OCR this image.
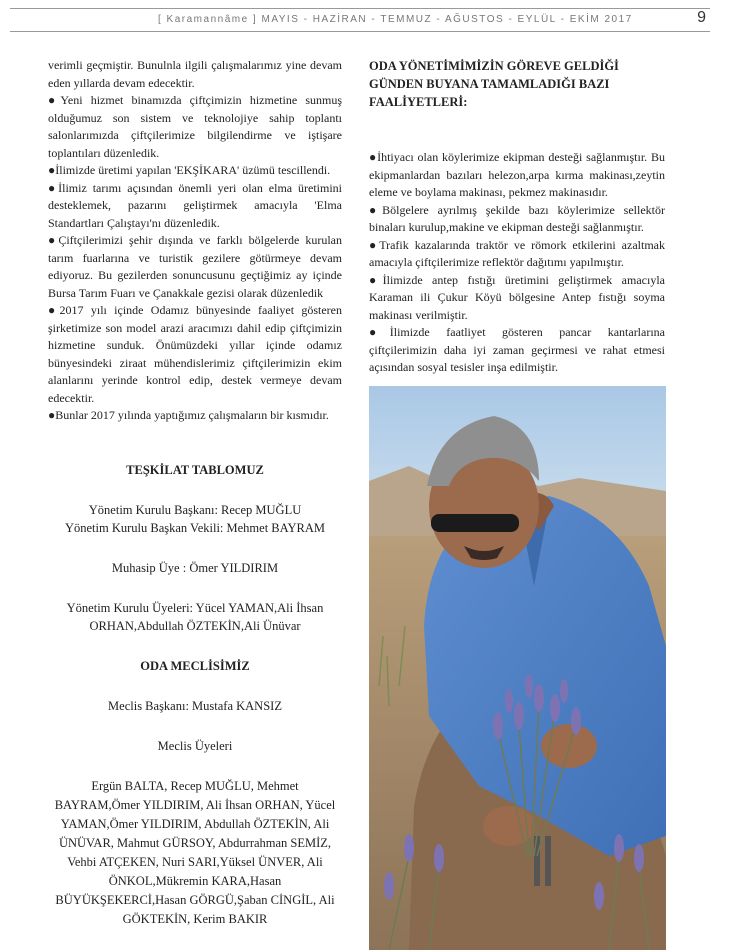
[ Karamannâme ] MAYIS - HAZİRAN - TEMMUZ - AĞUSTOS - EYLÜL - EKİM 2017	9

verimli geçmiştir. Bunulnla ilgili çalışmalarımız yine devam eden yıllarda devam edecektir.

●Yeni hizmet binamızda çiftçimizin hizmetine sunmuş olduğumuz son sistem ve teknolojiye sahip toplantı salonlarımızda çiftçilerimize bilgilendirme ve iştişare toplantıları düzenledik.

●İlimizde üretimi yapılan 'EKŞİKARA' üzümü tescillendi.

●İlimiz tarımı açısından önemli yeri olan elma üretimini desteklemek, pazarını geliştirmek amacıyla 'Elma Standartları Çalıştayı'nı düzenledik.

●Çiftçilerimizi şehir dışında ve farklı bölgelerde kurulan tarım fuarlarına ve turistik gezilere götürmeye devam ediyoruz. Bu gezilerden sonuncusunu geçtiğimiz ay içinde Bursa Tarım Fuarı ve Çanakkale gezisi olarak düzenledik

●2017 yılı içinde Odamız bünyesinde faaliyet gösteren şirketimize son model arazi aracımızı dahil edip çiftçimizin hizmetine sunduk. Önümüzdeki yıllar içinde odamız bünyesindeki ziraat mühendislerimiz çiftçilerimizin ekim alanlarını yerinde kontrol edip, destek vermeye devam edecektir.

●Bunlar 2017 yılında yaptığımız çalışmaların bir kısmıdır.

TEŞKİLAT TABLOMUZ

Yönetim Kurulu Başkanı: Recep MUĞLU

Yönetim Kurulu Başkan Vekili: Mehmet BAYRAM

Muhasip Üye : Ömer YILDIRIM

Yönetim Kurulu Üyeleri: Yücel YAMAN,Ali İhsan ORHAN,Abdullah ÖZTEKİN,Ali Ünüvar

ODA MECLİSİMİZ

Meclis Başkanı: Mustafa KANSIZ

Meclis Üyeleri

Ergün BALTA, Recep MUĞLU, Mehmet BAYRAM,Ömer YILDIRIM, Ali İhsan ORHAN, Yücel YAMAN,Ömer YILDIRIM, Abdullah ÖZTEKİN, Ali ÜNÜVAR, Mahmut GÜRSOY, Abdurrahman SEMİZ, Vehbi ATÇEKEN, Nuri SARI,Yüksel ÜNVER, Ali ÖNKOL,Mükremin KARA,Hasan BÜYÜKŞEKERCİ,Hasan GÖRGÜ,Şaban CİNGİL, Ali GÖKTEKİN, Kerim BAKIR

ODA YÖNETİMİMİZİN GÖREVE GELDİĞİ GÜNDEN BUYANA TAMAMLADIĞI BAZI FAALİYETLERİ:

●İhtiyacı olan köylerimize ekipman desteği sağlanmıştır. Bu ekipmanlardan bazıları helezon,arpa kırma makinası,zeytin eleme ve boylama makinası, pekmez makinasıdır.

●Bölgelere ayrılmış şekilde bazı köylerimize sellektör binaları kurulup,makine ve ekipman desteği sağlanmıştır.

●Trafik kazalarında traktör ve römork etkilerini azaltmak amacıyla çiftçilerimize reflektör dağıtımı yapılmıştır.

●İlimizde antep fıstığı üretimini geliştirmek amacıyla Karaman ili Çukur Köyü bölgesine Antep fıstığı soyma makinası verilmiştir.

●İlimizde faatliyet gösteren pancar kantarlarına çiftçilerimizin daha iyi zaman geçirmesi ve rahat etmesi açısından sosyal tesisler inşa edilmiştir.
